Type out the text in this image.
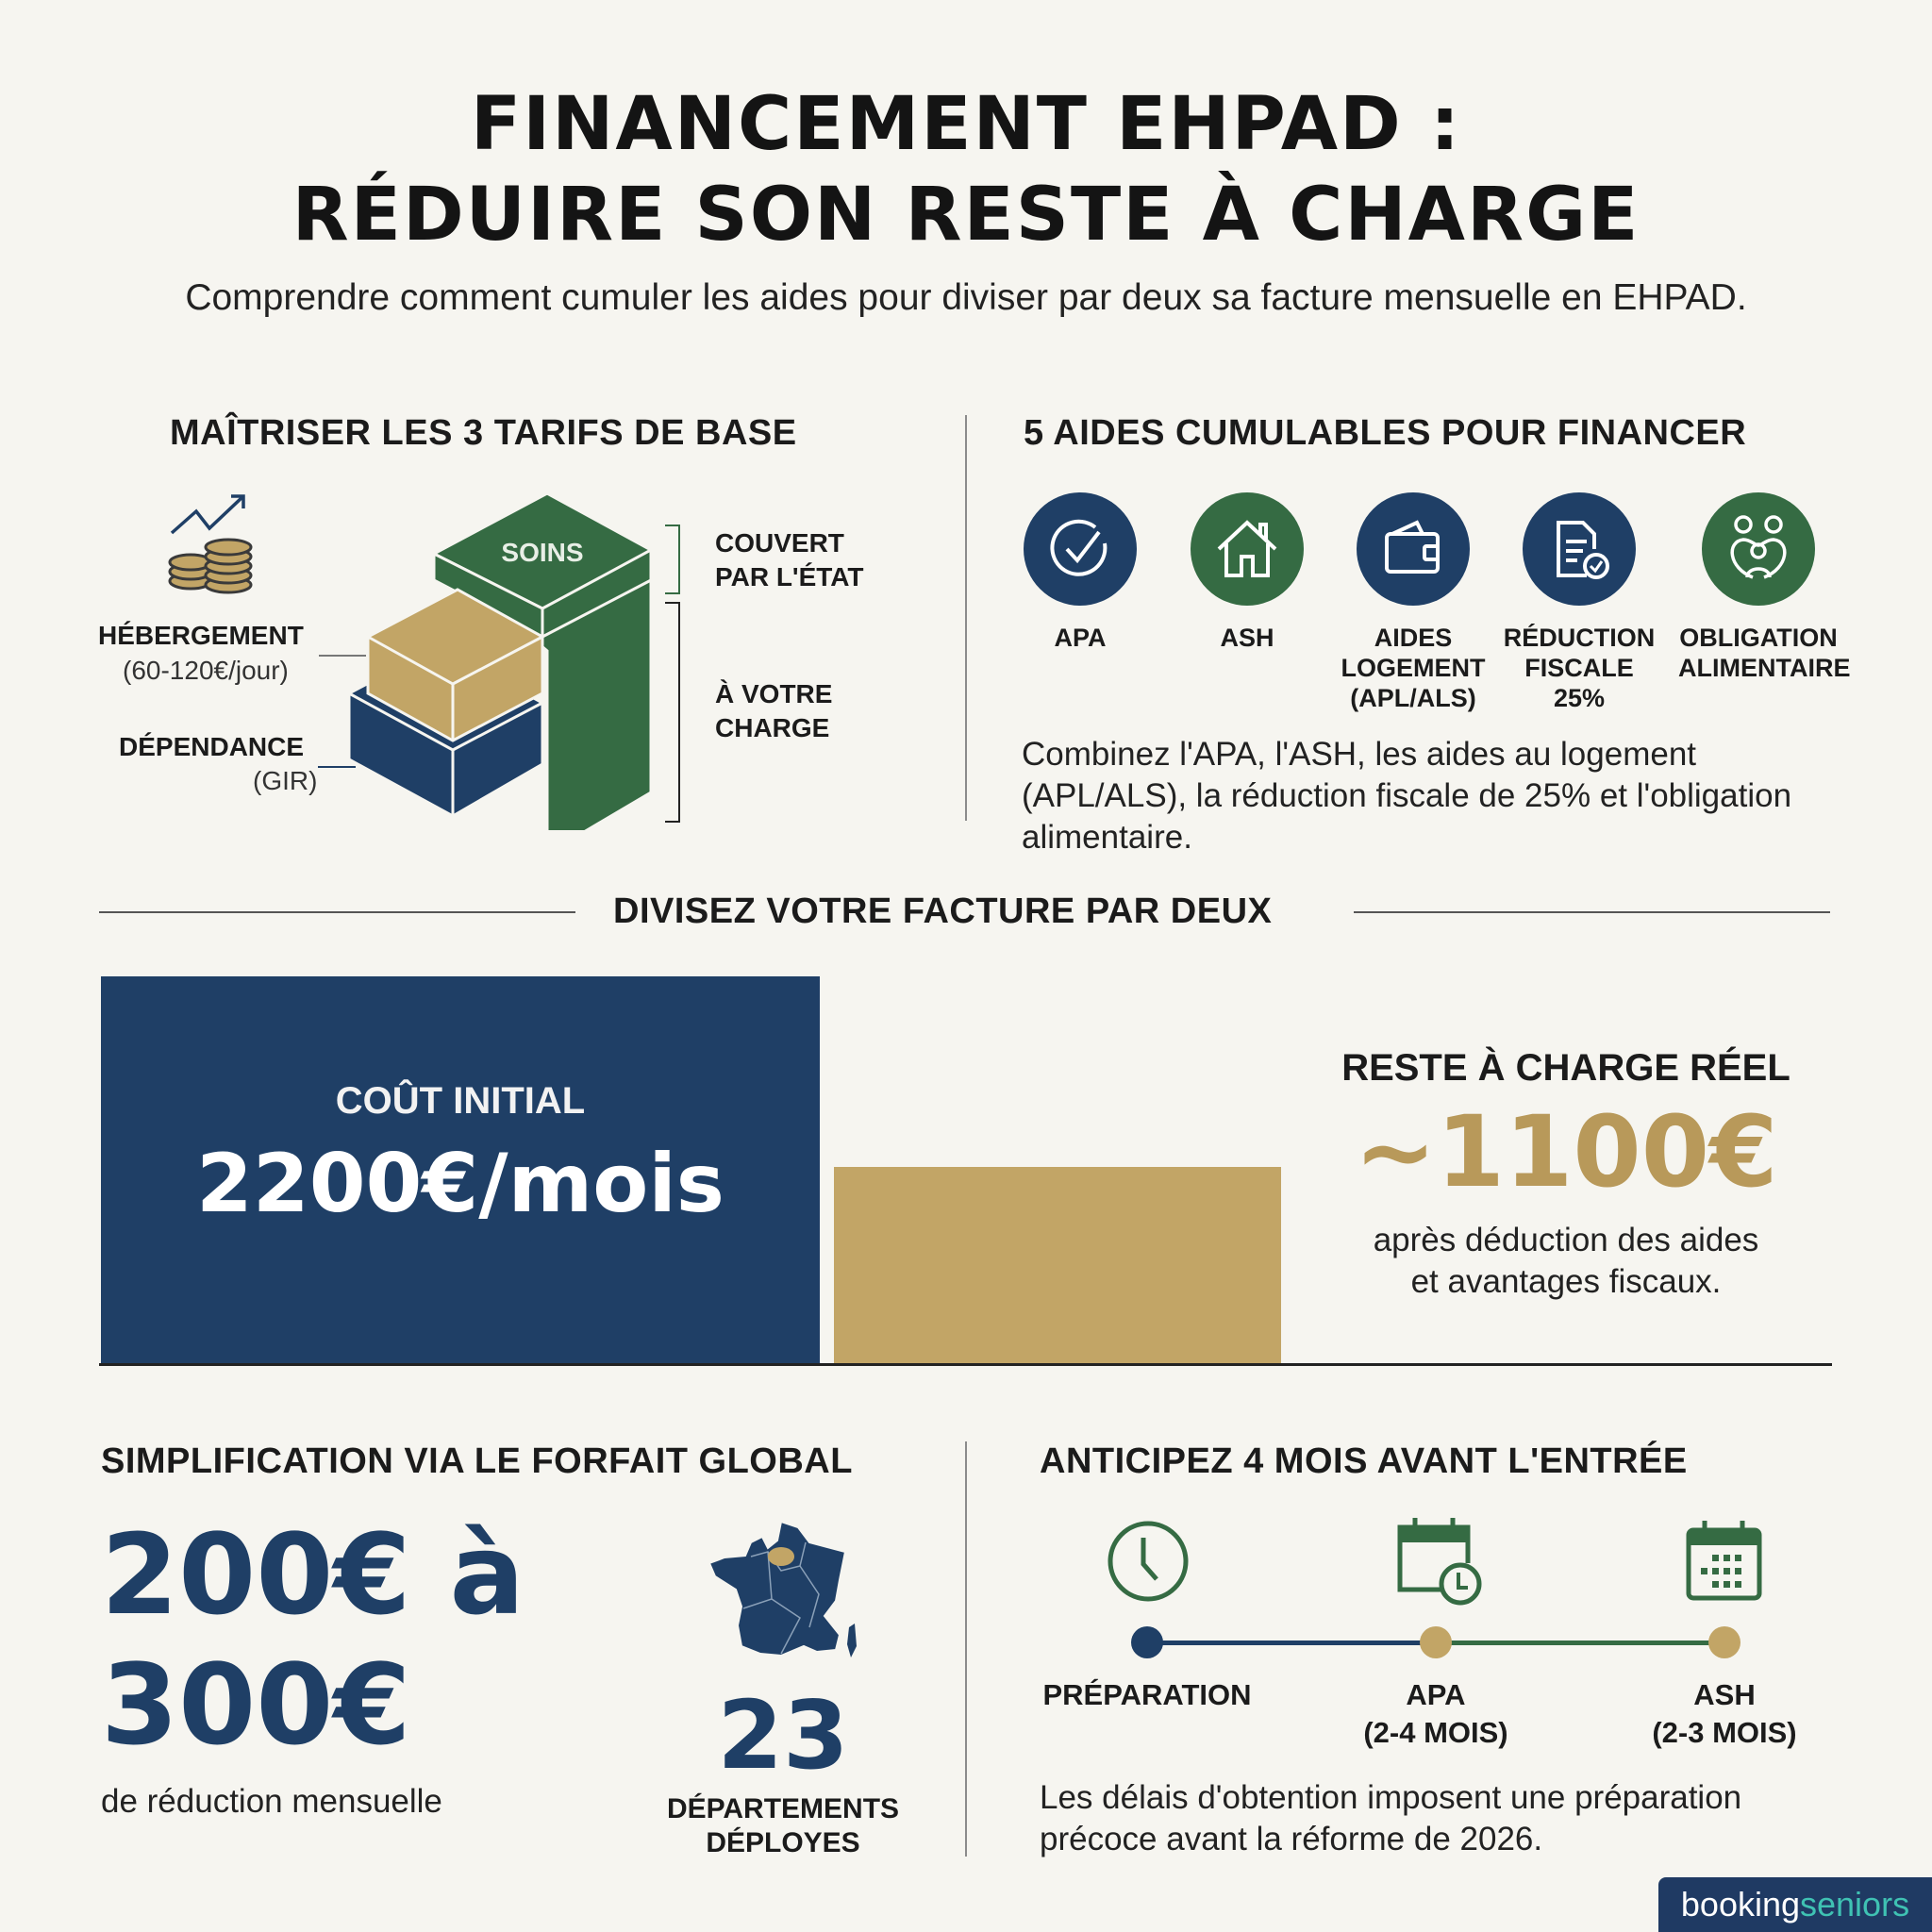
FINANCEMENT EHPAD :
RÉDUIRE SON RESTE À CHARGE
Comprendre comment cumuler les aides pour diviser par deux sa facture mensuelle en EHPAD.
MAÎTRISER LES 3 TARIFS DE BASE
SOINS
HÉBERGEMENT
(60-120€/jour)
DÉPENDANCE
(GIR)
COUVERT
PAR L'ÉTAT
À VOTRE
CHARGE
5 AIDES CUMULABLES POUR FINANCER
APA	ASH	AIDES
LOGEMENT
(APL/ALS)
RÉDUCTION
FISCALE
25%
OBLIGATION
ALIMENTAIRE
Combinez l'APA, l'ASH, les aides au logement (APL/ALS), la réduction fiscale de 25% et l'obligation alimentaire.
DIVISEZ VOTRE FACTURE PAR DEUX
COÛT INITIAL
2200€/mois
RESTE À CHARGE RÉEL
~1100€
après déduction des aides
et avantages fiscaux.
SIMPLIFICATION VIA LE FORFAIT GLOBAL
200€ à
300€
de réduction mensuelle
23
DÉPARTEMENTS
DÉPLOYES
ANTICIPEZ 4 MOIS AVANT L'ENTRÉE
PRÉPARATION	APA
(2-4 MOIS)
ASH
(2-3 MOIS)
Les délais d'obtention imposent une préparation
précoce avant la réforme de 2026.
booking seniors
